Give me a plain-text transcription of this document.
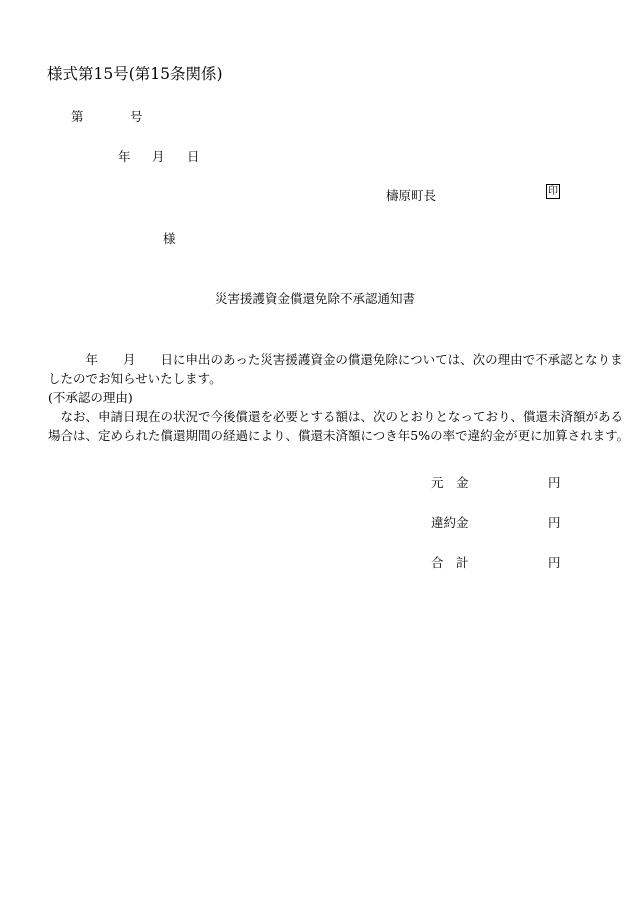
様式第15号(第15条関係)
第	号
年 月 日
檮原町長	印
様
災害援護資金償還免除不承認通知書
　　　年　　月　　日に申出のあった災害援護資金の償還免除については、次の理由で不承認となりま
したのでお知らせいたします。
(不承認の理由)
　なお、申請日現在の状況で今後償還を必要とする額は、次のとおりとなっており、償還未済額がある
場合は、定められた償還期間の経過により、償還未済額につき年5%の率で違約金が更に加算されます。
元　金	円
違約金	円
合　計	円
